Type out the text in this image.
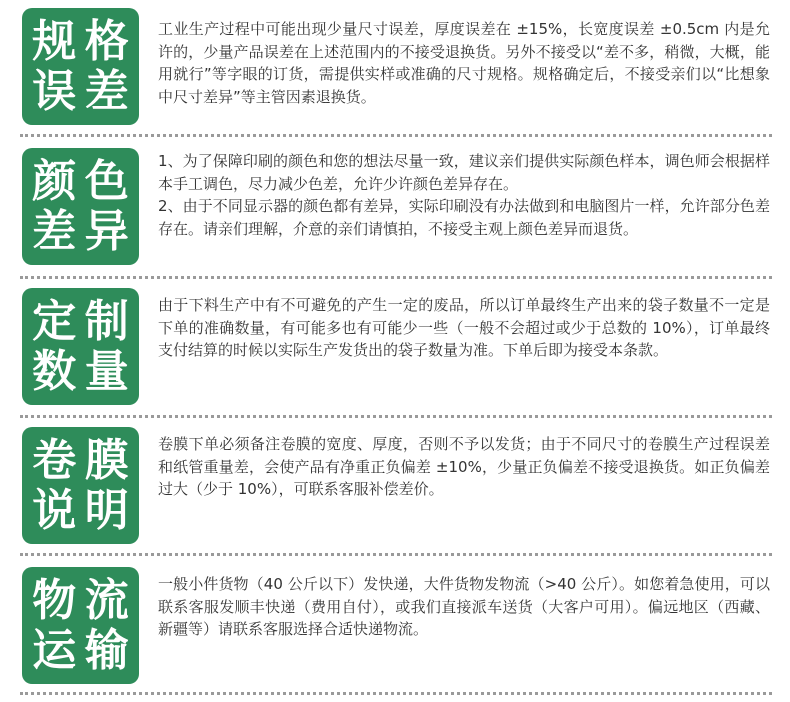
规 格
误 差

工业生产过程中可能出现少量尺寸误差，厚度误差在 ±15%，长宽度误差 ±0.5cm 内是允许的，少量产品误差在上述范围内的不接受退换货。另外不接受以“差不多，稍微，大概，能用就行”等字眼的订货，需提供实样或准确的尺寸规格。规格确定后，不接受亲们以“比想象中尺寸差异”等主管因素退换货。

颜 色
差 异

1、为了保障印刷的颜色和您的想法尽量一致，建议亲们提供实际颜色样本，调色师会根据样本手工调色，尽力减少色差，允许少许颜色差异存在。

2、由于不同显示器的颜色都有差异，实际印刷没有办法做到和电脑图片一样，允许部分色差存在。请亲们理解，介意的亲们请慎拍，不接受主观上颜色差异而退货。

定 制
数 量

由于下料生产中有不可避免的产生一定的废品，所以订单最终生产出来的袋子数量不一定是下单的准确数量，有可能多也有可能少一些（一般不会超过或少于总数的 10%），订单最终支付结算的时候以实际生产发货出的袋子数量为准。下单后即为接受本条款。

卷 膜
说 明

卷膜下单必须备注卷膜的宽度、厚度，否则不予以发货；由于不同尺寸的卷膜生产过程误差和纸管重量差，会使产品有净重正负偏差 ±10%，少量正负偏差不接受退换货。如正负偏差过大（少于 10%），可联系客服补偿差价。

物 流
运 输

一般小件货物（40 公斤以下）发快递，大件货物发物流（>40 公斤）。如您着急使用，可以联系客服发顺丰快递（费用自付），或我们直接派车送货（大客户可用）。偏远地区（西藏、新疆等）请联系客服选择合适快递物流。
